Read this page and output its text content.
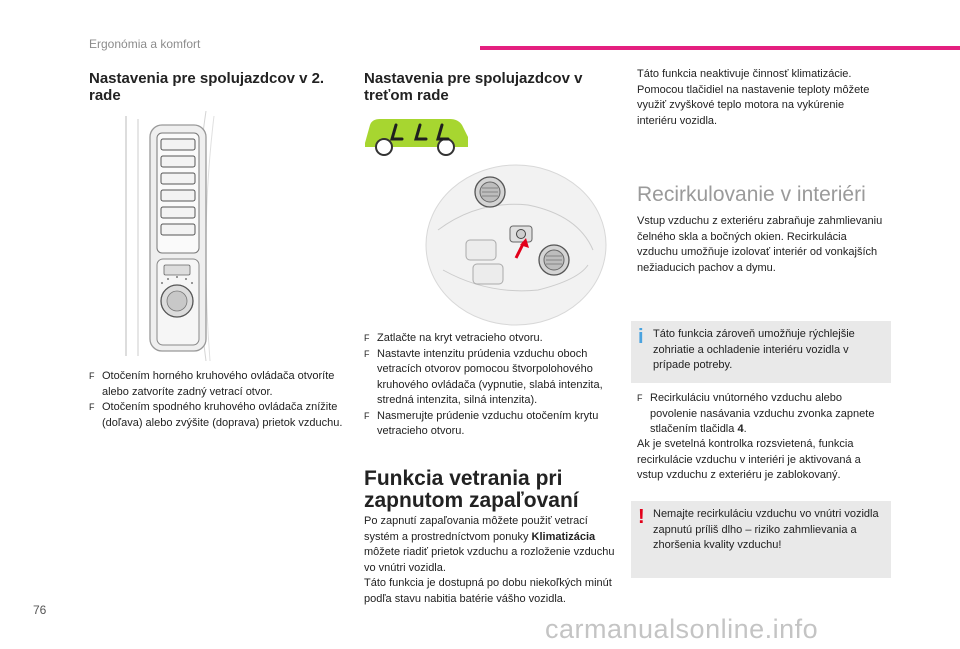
Ergonómia a komfort
Nastavenia pre spolujazdcov v 2. rade
F Otočením horného kruhového ovládača otvoríte alebo zatvoríte zadný vetrací otvor.
F Otočením spodného kruhového ovládača znížite (doľava) alebo zvýšite (doprava) prietok vzduchu.
Nastavenia pre spolujazdcov v treťom rade
F Zatlačte na kryt vetracieho otvoru.
F Nastavte intenzitu prúdenia vzduchu oboch vetracích otvorov pomocou štvorpolohového kruhového ovládača (vypnutie, slabá intenzita, stredná intenzita, silná intenzita).
F Nasmerujte prúdenie vzduchu otočením krytu vetracieho otvoru.
Funkcia vetrania pri zapnutom zapaľovaní

Po zapnutí zapaľovania môžete použiť vetrací systém a prostredníctvom ponuky Klimatizácia môžete riadiť prietok vzduchu a rozloženie vzduchu vo vnútri vozidla.

Táto funkcia je dostupná po dobu niekoľkých minút podľa stavu nabitia batérie vášho vozidla.

Táto funkcia neaktivuje činnosť klimatizácie. Pomocou tlačidiel na nastavenie teploty môžete využiť zvyškové teplo motora na vykúrenie interiéru vozidla.
Recirkulovanie v interiéri
Vstup vzduchu z exteriéru zabraňuje zahmlievaniu čelného skla a bočných okien. Recirkulácia vzduchu umožňuje izolovať interiér od vonkajších nežiaducich pachov a dymu.
i Táto funkcia zároveň umožňuje rýchlejšie zohriatie a ochladenie interiéru vozidla v prípade potreby.
F Recirkuláciu vnútorného vzduchu alebo povolenie nasávania vzduchu zvonka zapnete stlačením tlačidla 4.
Ak je svetelná kontrolka rozsvietená, funkcia recirkulácie vzduchu v interiéri je aktivovaná a vstup vzduchu z exteriéru je zablokovaný.
! Nemajte recirkuláciu vzduchu vo vnútri vozidla zapnutú príliš dlho – riziko zahmlievania a zhoršenia kvality vzduchu!
76
carmanualsonline.info
